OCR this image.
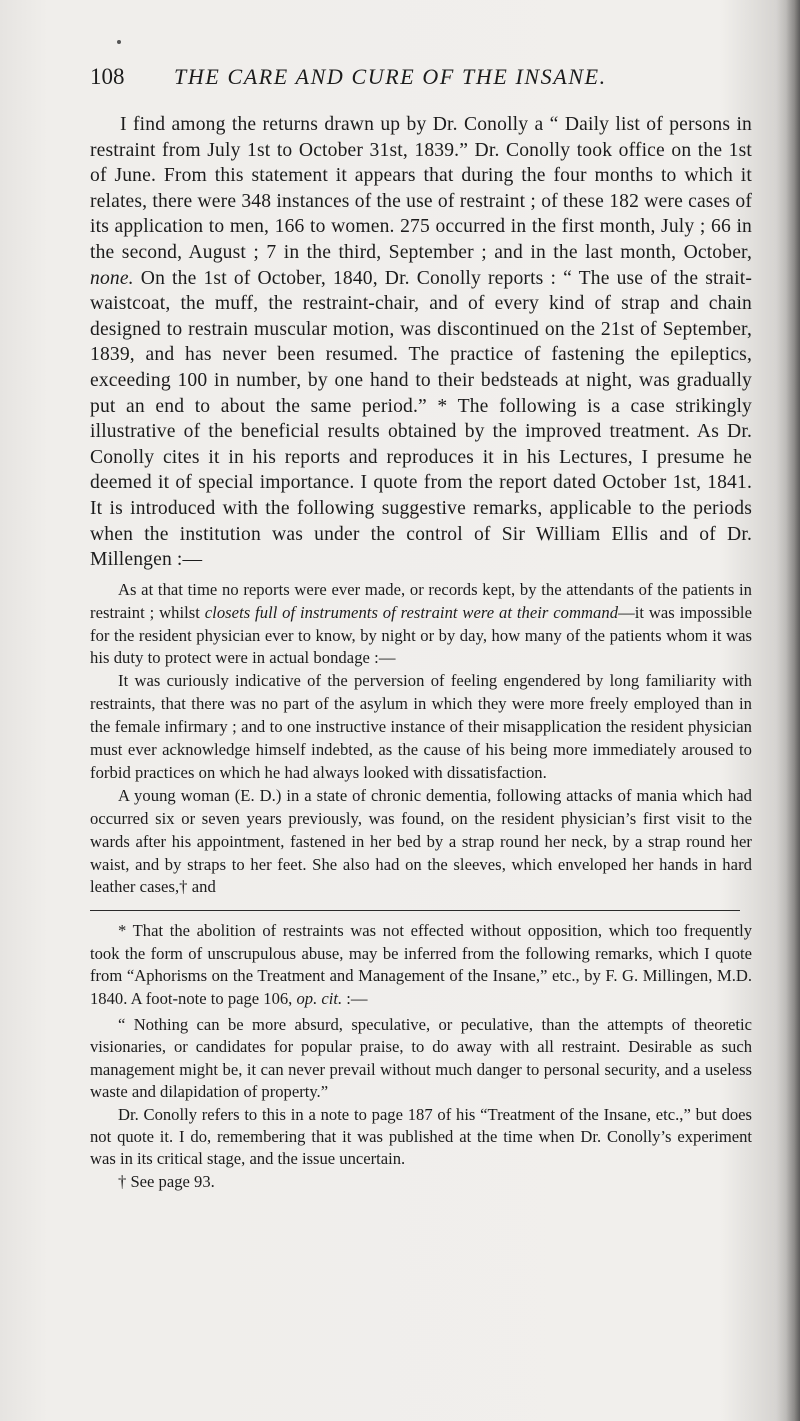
108 THE CARE AND CURE OF THE INSANE.

I find among the returns drawn up by Dr. Conolly a “ Daily list of persons in restraint from July 1st to October 31st, 1839.” Dr. Conolly took office on the 1st of June. From this statement it appears that during the four months to which it relates, there were 348 instances of the use of restraint ; of these 182 were cases of its application to men, 166 to women. 275 occurred in the first month, July ; 66 in the second, August ; 7 in the third, September ; and in the last month, October, none. On the 1st of October, 1840, Dr. Conolly reports : “ The use of the strait-waistcoat, the muff, the restraint-chair, and of every kind of strap and chain designed to restrain muscular motion, was discontinued on the 21st of September, 1839, and has never been resumed. The practice of fastening the epileptics, exceeding 100 in number, by one hand to their bedsteads at night, was gradually put an end to about the same period.” * The following is a case strikingly illustrative of the beneficial results obtained by the improved treatment. As Dr. Conolly cites it in his reports and reproduces it in his Lectures, I presume he deemed it of special importance. I quote from the report dated October 1st, 1841. It is introduced with the following suggestive remarks, applicable to the periods when the institution was under the control of Sir William Ellis and of Dr. Millengen :—

As at that time no reports were ever made, or records kept, by the attendants of the patients in restraint ; whilst closets full of instruments of restraint were at their command—it was impossible for the resident physician ever to know, by night or by day, how many of the patients whom it was his duty to protect were in actual bondage :—

It was curiously indicative of the perversion of feeling engendered by long familiarity with restraints, that there was no part of the asylum in which they were more freely employed than in the female infirmary ; and to one instructive instance of their misapplication the resident physician must ever acknowledge himself indebted, as the cause of his being more immediately aroused to forbid practices on which he had always looked with dissatisfaction.

A young woman (E. D.) in a state of chronic dementia, following attacks of mania which had occurred six or seven years previously, was found, on the resident physician’s first visit to the wards after his appointment, fastened in her bed by a strap round her neck, by a strap round her waist, and by straps to her feet. She also had on the sleeves, which enveloped her hands in hard leather cases,† and

* That the abolition of restraints was not effected without opposition, which too frequently took the form of unscrupulous abuse, may be inferred from the following remarks, which I quote from “Aphorisms on the Treatment and Management of the Insane,” etc., by F. G. Millingen, M.D. 1840. A foot-note to page 106, op. cit. :—

“ Nothing can be more absurd, speculative, or peculative, than the attempts of theoretic visionaries, or candidates for popular praise, to do away with all restraint. Desirable as such management might be, it can never prevail without much danger to personal security, and a useless waste and dilapidation of property.”

Dr. Conolly refers to this in a note to page 187 of his “Treatment of the Insane, etc.,” but does not quote it. I do, remembering that it was published at the time when Dr. Conolly’s experiment was in its critical stage, and the issue uncertain.

† See page 93.
